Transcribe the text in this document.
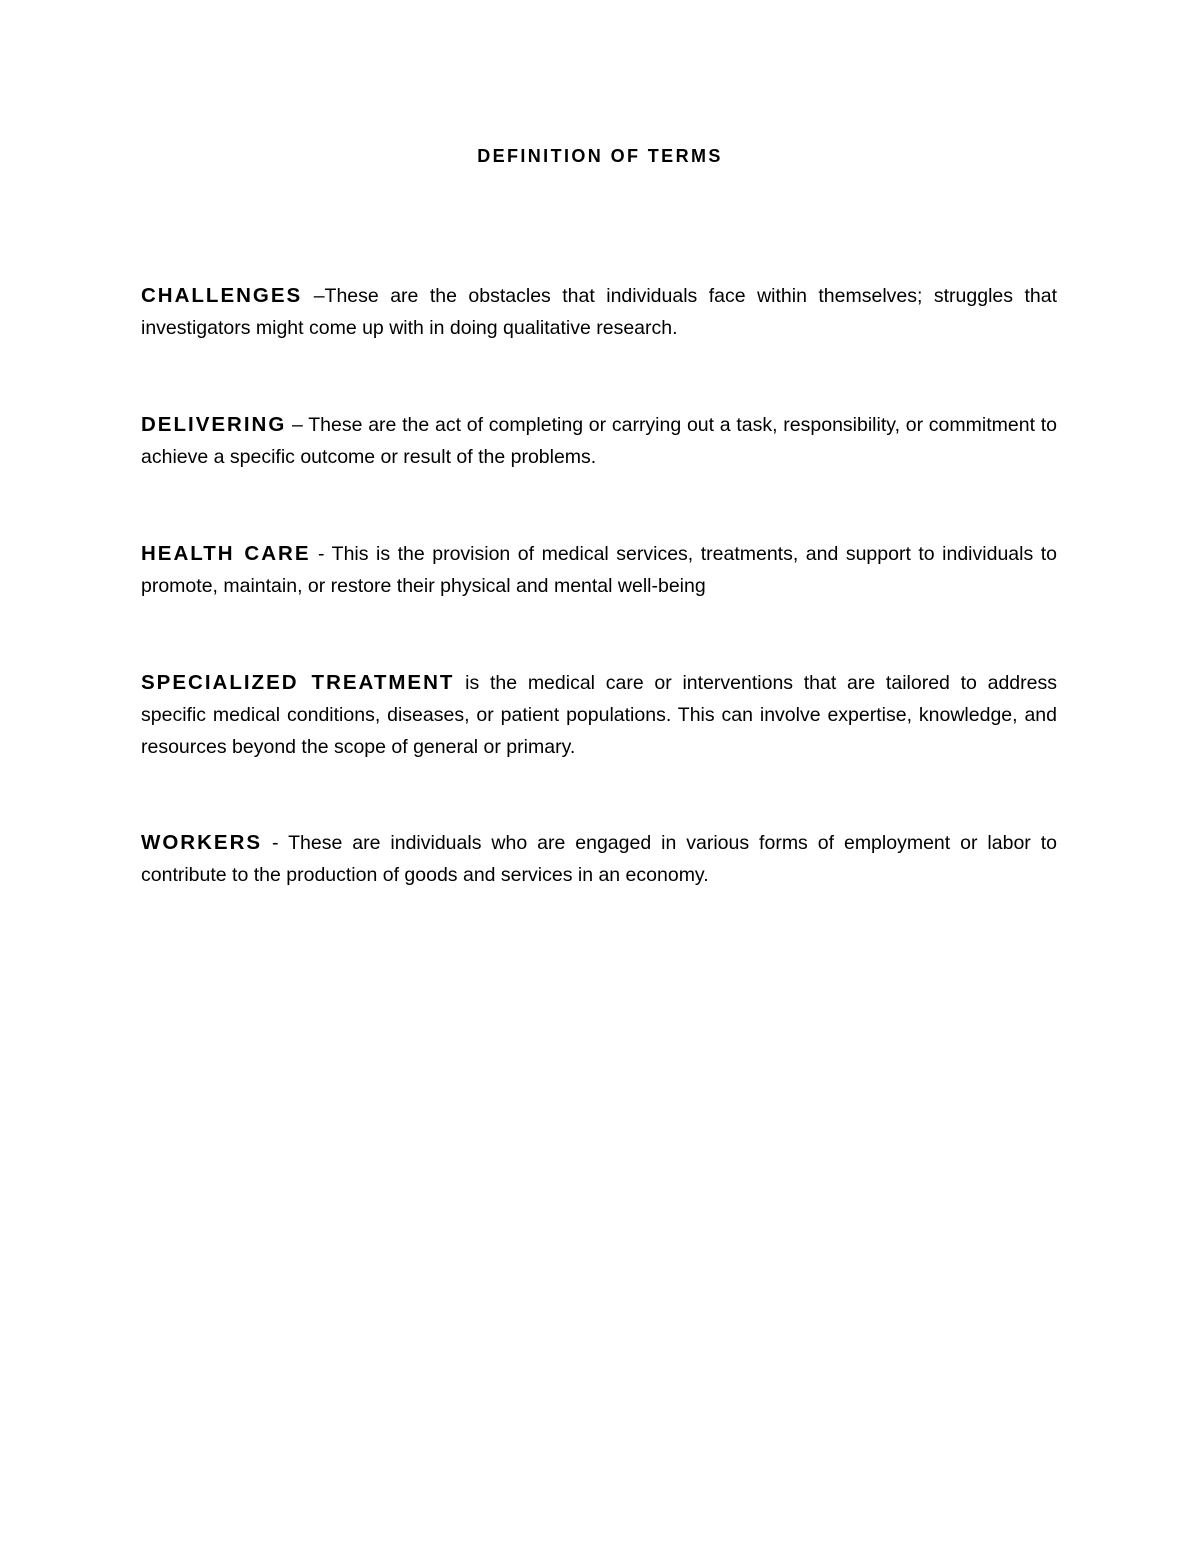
DEFINITION OF TERMS

CHALLENGES –These are the obstacles that individuals face within themselves; struggles that investigators might come up with in doing qualitative research.

DELIVERING – These are the act of completing or carrying out a task, responsibility, or commitment to achieve a specific outcome or result of the problems.

HEALTH CARE - This is the provision of medical services, treatments, and support to individuals to promote, maintain, or restore their physical and mental well-being

SPECIALIZED TREATMENT is the medical care or interventions that are tailored to address specific medical conditions, diseases, or patient populations. This can involve expertise, knowledge, and resources beyond the scope of general or primary.

WORKERS - These are individuals who are engaged in various forms of employment or labor to contribute to the production of goods and services in an economy.
